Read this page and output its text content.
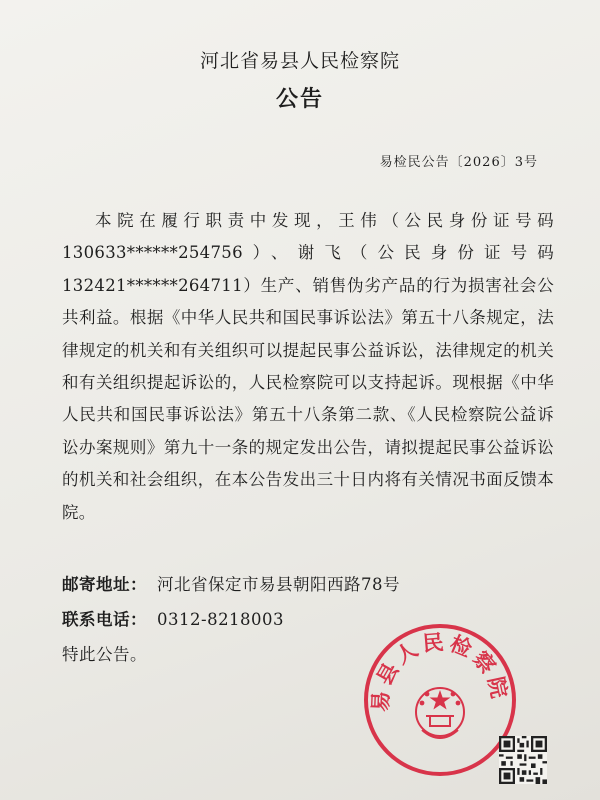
河北省易县人民检察院
公告
易检民公告〔2026〕3号
本院在履行职责中发现，王伟（公民身份证号码130633******254756）、谢飞（公民身份证号码132421******264711）生产、销售伪劣产品的行为损害社会公共利益。根据《中华人民共和国民事诉讼法》第五十八条规定，法律规定的机关和有关组织可以提起民事公益诉讼，法律规定的机关和有关组织提起诉讼的，人民检察院可以支持起诉。现根据《中华人民共和国民事诉讼法》第五十八条第二款、《人民检察院公益诉讼办案规则》第九十一条的规定发出公告，请拟提起民事公益诉讼的机关和社会组织，在本公告发出三十日内将有关情况书面反馈本院。
邮寄地址： 河北省保定市易县朝阳西路78号
联系电话： 0312-8218003
特此公告。
易县人民检察院
